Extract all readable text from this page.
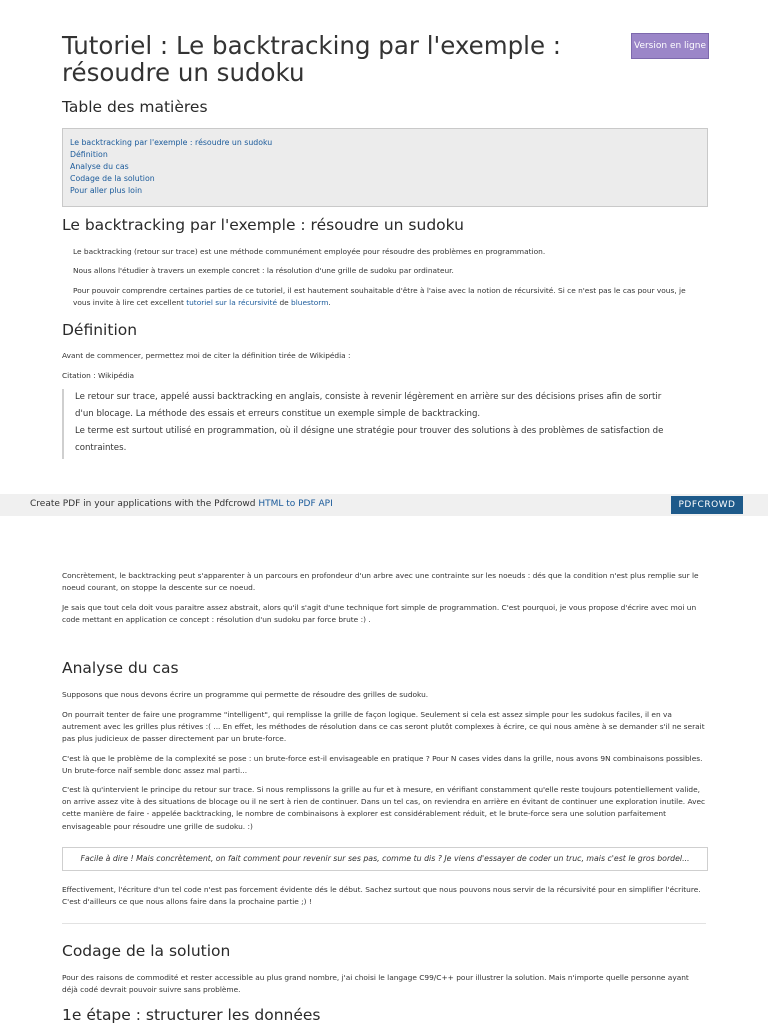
Tutoriel : Le backtracking par l'exemple : résoudre un sudoku
Version en ligne
Table des matières
Le backtracking par l'exemple : résoudre un sudoku
Définition
Analyse du cas
Codage de la solution
Pour aller plus loin
Le backtracking par l'exemple : résoudre un sudoku

Le backtracking (retour sur trace) est une méthode communément employée pour résoudre des problèmes en programmation.

Nous allons l'étudier à travers un exemple concret : la résolution d'une grille de sudoku par ordinateur.

Pour pouvoir comprendre certaines parties de ce tutoriel, il est hautement souhaitable d'être à l'aise avec la notion de récursivité. Si ce n'est pas le cas pour vous, je vous invite à lire cet excellent tutoriel sur la récursivité de bluestorm.

Définition

Avant de commencer, permettez moi de citer la définition tirée de Wikipédia :

Citation : Wikipédia

Le retour sur trace, appelé aussi backtracking en anglais, consiste à revenir légèrement en arrière sur des décisions prises afin de sortir
d'un blocage. La méthode des essais et erreurs constitue un exemple simple de backtracking.
Le terme est surtout utilisé en programmation, où il désigne une stratégie pour trouver des solutions à des problèmes de satisfaction de
contraintes.
Create PDF in your applications with the Pdfcrowd HTML to PDF API	PDFCROWD

Concrètement, le backtracking peut s'apparenter à un parcours en profondeur d'un arbre avec une contrainte sur les noeuds : dés que la condition n'est plus remplie sur le noeud courant, on stoppe la descente sur ce noeud.

Je sais que tout cela doit vous paraitre assez abstrait, alors qu'il s'agit d'une technique fort simple de programmation. C'est pourquoi, je vous propose d'écrire avec moi un code mettant en application ce concept : résolution d'un sudoku par force brute :) .

Analyse du cas

Supposons que nous devons écrire un programme qui permette de résoudre des grilles de sudoku.

On pourrait tenter de faire une programme "intelligent", qui remplisse la grille de façon logique. Seulement si cela est assez simple pour les sudokus faciles, il en va autrement avec les grilles plus rétives :( ... En effet, les méthodes de résolution dans ce cas seront plutôt complexes à écrire, ce qui nous amène à se demander s'il ne serait pas plus judicieux de passer directement par un brute-force.

C'est là que le problème de la complexité se pose : un brute-force est-il envisageable en pratique ? Pour N cases vides dans la grille, nous avons 9N combinaisons possibles. Un brute-force naïf semble donc assez mal parti...

C'est là qu'intervient le principe du retour sur trace. Si nous remplissons la grille au fur et à mesure, en vérifiant constamment qu'elle reste toujours potentiellement valide, on arrive assez vite à des situations de blocage ou il ne sert à rien de continuer. Dans un tel cas, on reviendra en arrière en évitant de continuer une exploration inutile. Avec cette manière de faire - appelée backtracking, le nombre de combinaisons à explorer est considérablement réduit, et le brute-force sera une solution parfaitement envisageable pour résoudre une grille de sudoku. :)

Facile à dire ! Mais concrètement, on fait comment pour revenir sur ses pas, comme tu dis ? Je viens d'essayer de coder un truc, mais c'est le gros bordel...

Effectivement, l'écriture d'un tel code n'est pas forcement évidente dés le début. Sachez surtout que nous pouvons nous servir de la récursivité pour en simplifier l'écriture. C'est d'ailleurs ce que nous allons faire dans la prochaine partie ;) !

Codage de la solution

Pour des raisons de commodité et rester accessible au plus grand nombre, j'ai choisi le langage C99/C++ pour illustrer la solution. Mais n'importe quelle personne ayant déjà codé devrait pouvoir suivre sans problème.

1e étape : structurer les données
